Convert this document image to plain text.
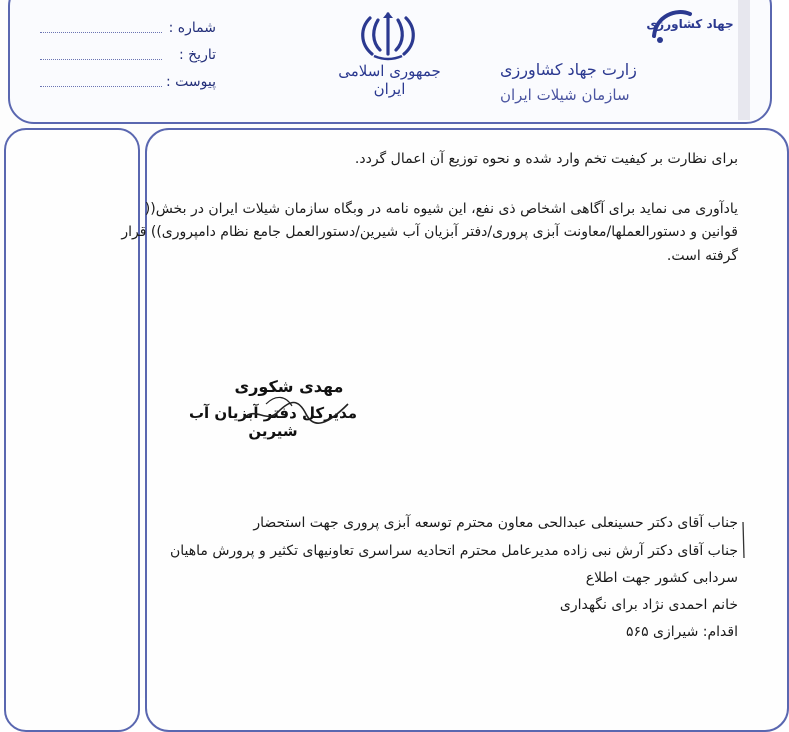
شماره :
تاریخ :
پیوست :
جمهوری اسلامی ایران
جهاد کشاورزی
زارت جهاد کشاورزی
سازمان شیلات ایران
برای نظارت بر کیفیت تخم وارد شده و نحوه توزیع آن اعمال گردد.
یادآوری می نماید برای آگاهی اشخاص ذی نفع، این شیوه نامه در وبگاه سازمان شیلات ایران در بخش((
قوانین و دستورالعملها/معاونت آبزی پروری/دفتر آبزیان آب شیرین/دستورالعمل جامع نظام دامپروری)) قرار
گرفته است.
مهدی شکوری
مدیرکل دفتر آبزیان آب شیرین
جناب آقای دکتر حسینعلی عبدالحی معاون محترم توسعه آبزی پروری جهت استحضار
جناب آقای دکتر آرش نبی زاده مدیرعامل محترم اتحادیه سراسری تعاونیهای تکثیر و پرورش ماهیان
سردابی کشور جهت اطلاع
خانم احمدی نژاد برای نگهداری
اقدام: شیرازی ۵۶۵
